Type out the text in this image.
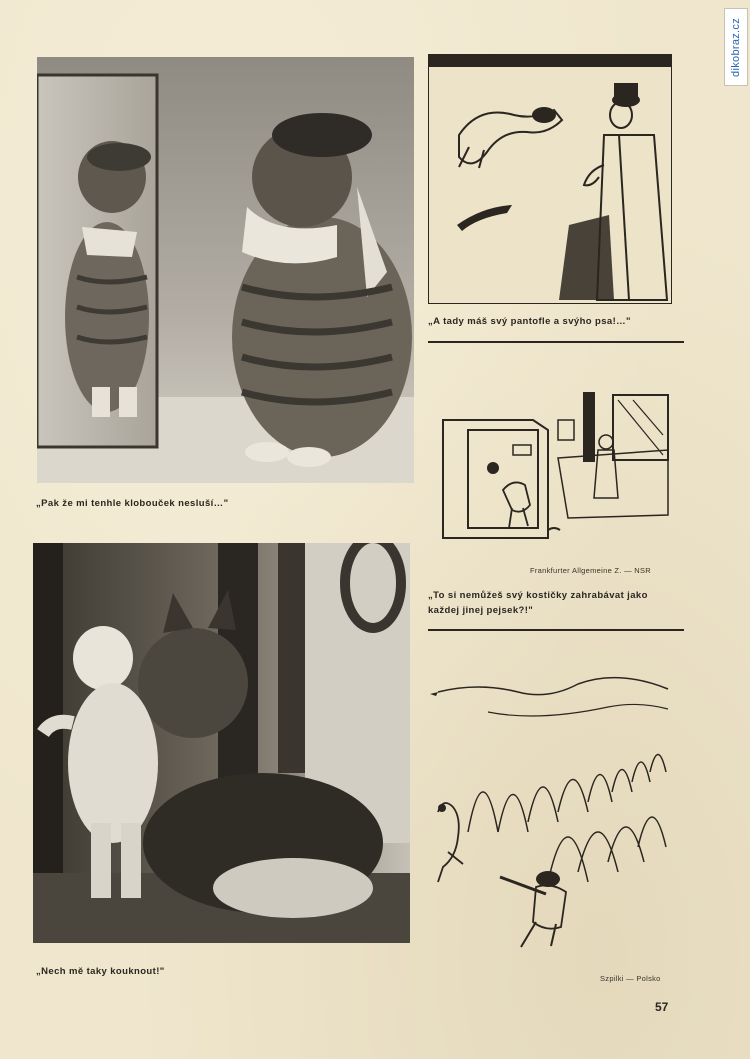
dikobraz.cz
„Pak že mi tenhle klobouček nesluší…"
„A tady máš svý pantofle a svýho psa!…"
Frankfurter Allgemeine Z. — NSR
„To si nemůžeš svý kostičky zahrabávat jako
každej jinej pejsek?!"
„Nech mě taky kouknout!"
Szpilki — Polsko
57
